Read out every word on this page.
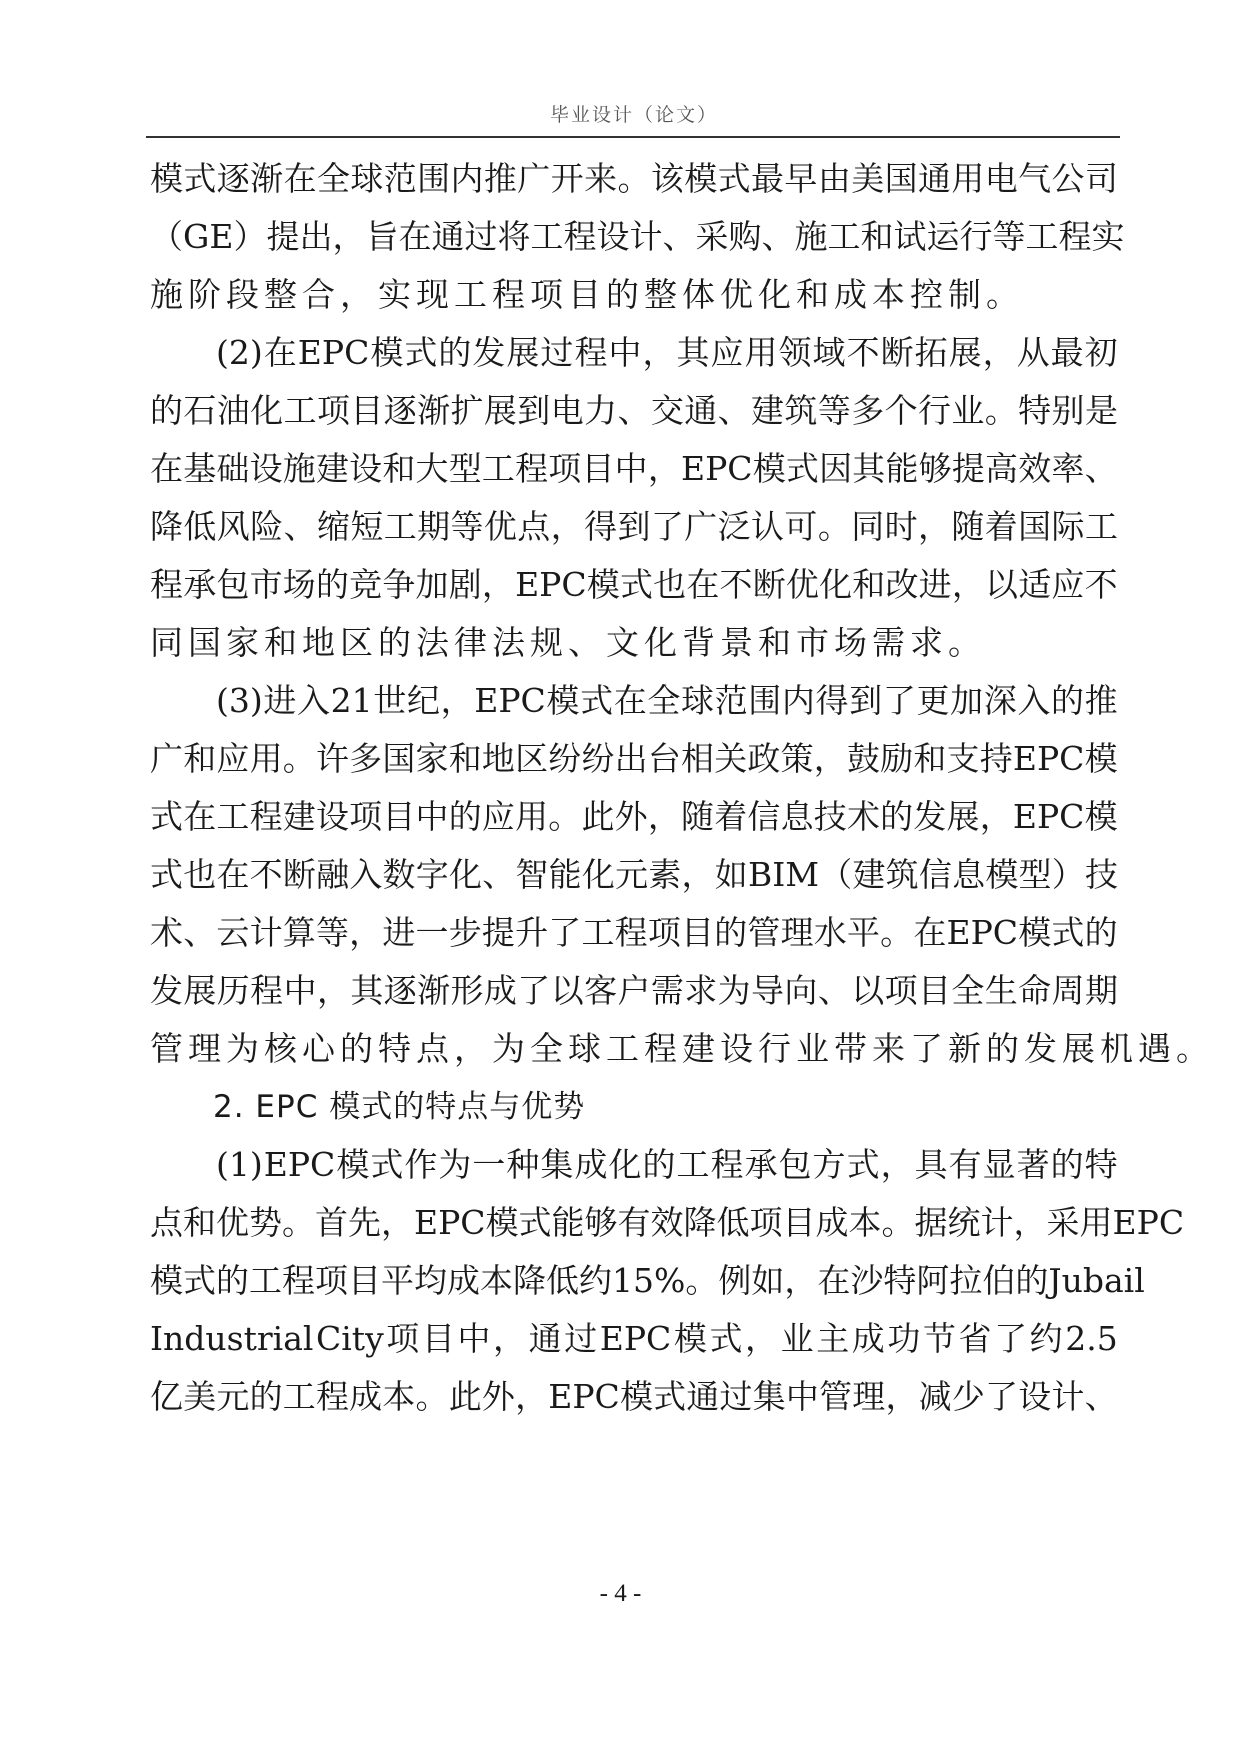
毕业设计（论文）
模 式 逐 渐 在 全 球 范 围 内 推 广 开 来 。 该 模 式 最 早 由 美 国 通 用 电 气 公 司
（ GE ） 提 出 ， 旨 在 通 过 将 工 程 设 计 、 采 购 、 施 工 和 试 运 行 等 工 程 实
施阶段整合，实现工程项目的整体优化和成本控制。
(2) 在 EPC 模 式 的 发 展 过 程 中 ， 其 应 用 领 域 不 断 拓 展 ， 从 最 初
的 石 油 化 工 项 目 逐 渐 扩 展 到 电 力 、 交 通 、 建 筑 等 多 个 行 业 。 特 别 是
在 基 础 设 施 建 设 和 大 型 工 程 项 目 中 ， EPC 模 式 因 其 能 够 提 高 效 率 、
降 低 风 险 、 缩 短 工 期 等 优 点 ， 得 到 了 广 泛 认 可 。 同 时 ， 随 着 国 际 工
程 承 包 市 场 的 竞 争 加 剧 ， EPC 模 式 也 在 不 断 优 化 和 改 进 ， 以 适 应 不
同国家和地区的法律法规、文化背景和市场需求。
(3) 进 入 21 世 纪 ， EPC 模 式 在 全 球 范 围 内 得 到 了 更 加 深 入 的 推
广 和 应 用 。 许 多 国 家 和 地 区 纷 纷 出 台 相 关 政 策 ， 鼓 励 和 支 持 EPC 模
式 在 工 程 建 设 项 目 中 的 应 用 。 此 外 ， 随 着 信 息 技 术 的 发 展 ， EPC 模
式 也 在 不 断 融 入 数 字 化 、 智 能 化 元 素 ， 如 BIM （ 建 筑 信 息 模 型 ） 技
术 、 云 计 算 等 ， 进 一 步 提 升 了 工 程 项 目 的 管 理 水 平 。 在 EPC 模 式 的
发 展 历 程 中 ， 其 逐 渐 形 成 了 以 客 户 需 求 为 导 向 、 以 项 目 全 生 命 周 期
管理为核心的特点，为全球工程建设行业带来了新的发展机遇。
2. EPC 模式的特点与优势
(1) EPC 模 式 作 为 一 种 集 成 化 的 工 程 承 包 方 式 ， 具 有 显 著 的 特
点 和 优 势 。 首 先 ， EPC 模 式 能 够 有 效 降 低 项 目 成 本 。 据 统 计 ， 采 用 EPC
模 式 的 工 程 项 目 平 均 成 本 降 低 约 15% 。 例 如 ， 在 沙 特 阿 拉 伯 的 Jubail
Industrial City 项 目 中 ， 通 过 EPC 模 式 ， 业 主 成 功 节 省 了 约 2.5
亿 美 元 的 工 程 成 本 。 此 外 ， EPC 模 式 通 过 集 中 管 理 ， 减 少 了 设 计 、
- 4 -
